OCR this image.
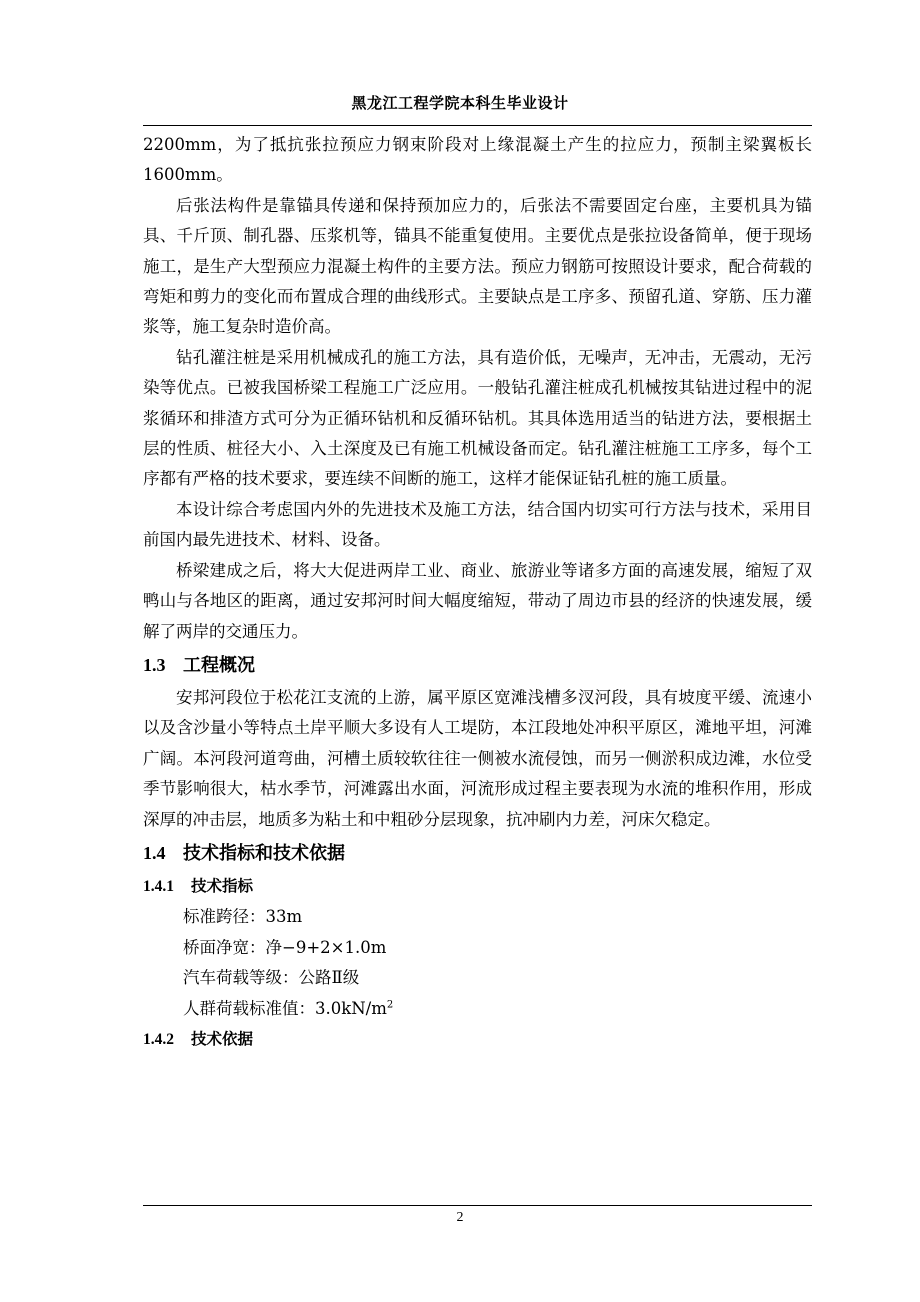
黑龙江工程学院本科生毕业设计

2200mm，为了抵抗张拉预应力钢束阶段对上缘混凝土产生的拉应力，预制主梁翼板长 1600mm。

后张法构件是靠锚具传递和保持预加应力的，后张法不需要固定台座，主要机具为锚具、千斤顶、制孔器、压浆机等，锚具不能重复使用。主要优点是张拉设备简单，便于现场施工，是生产大型预应力混凝土构件的主要方法。预应力钢筋可按照设计要求，配合荷载的弯矩和剪力的变化而布置成合理的曲线形式。主要缺点是工序多、预留孔道、穿筋、压力灌浆等，施工复杂时造价高。

钻孔灌注桩是采用机械成孔的施工方法，具有造价低，无噪声，无冲击，无震动，无污染等优点。已被我国桥梁工程施工广泛应用。一般钻孔灌注桩成孔机械按其钻进过程中的泥浆循环和排渣方式可分为正循环钻机和反循环钻机。其具体选用适当的钻进方法，要根据土层的性质、桩径大小、入土深度及已有施工机械设备而定。钻孔灌注桩施工工序多，每个工序都有严格的技术要求，要连续不间断的施工，这样才能保证钻孔桩的施工质量。

本设计综合考虑国内外的先进技术及施工方法，结合国内切实可行方法与技术，采用目前国内最先进技术、材料、设备。

桥梁建成之后，将大大促进两岸工业、商业、旅游业等诸多方面的高速发展，缩短了双鸭山与各地区的距离，通过安邦河时间大幅度缩短，带动了周边市县的经济的快速发展，缓解了两岸的交通压力。

1.3 工程概况

安邦河段位于松花江支流的上游，属平原区宽滩浅槽多汊河段，具有坡度平缓、流速小以及含沙量小等特点土岸平顺大多设有人工堤防，本江段地处冲积平原区，滩地平坦，河滩广阔。本河段河道弯曲，河槽土质较软往往一侧被水流侵蚀，而另一侧淤积成边滩，水位受季节影响很大，枯水季节，河滩露出水面，河流形成过程主要表现为水流的堆积作用，形成深厚的冲击层，地质多为粘土和中粗砂分层现象，抗冲刷内力差，河床欠稳定。

1.4 技术指标和技术依据
1.4.1 技术指标

标准跨径：33m

桥面净宽：净−9+2×1.0m

汽车荷载等级：公路Ⅱ级

人群荷载标准值：$3.0kN/m^2$

1.4.2 技术依据
2
